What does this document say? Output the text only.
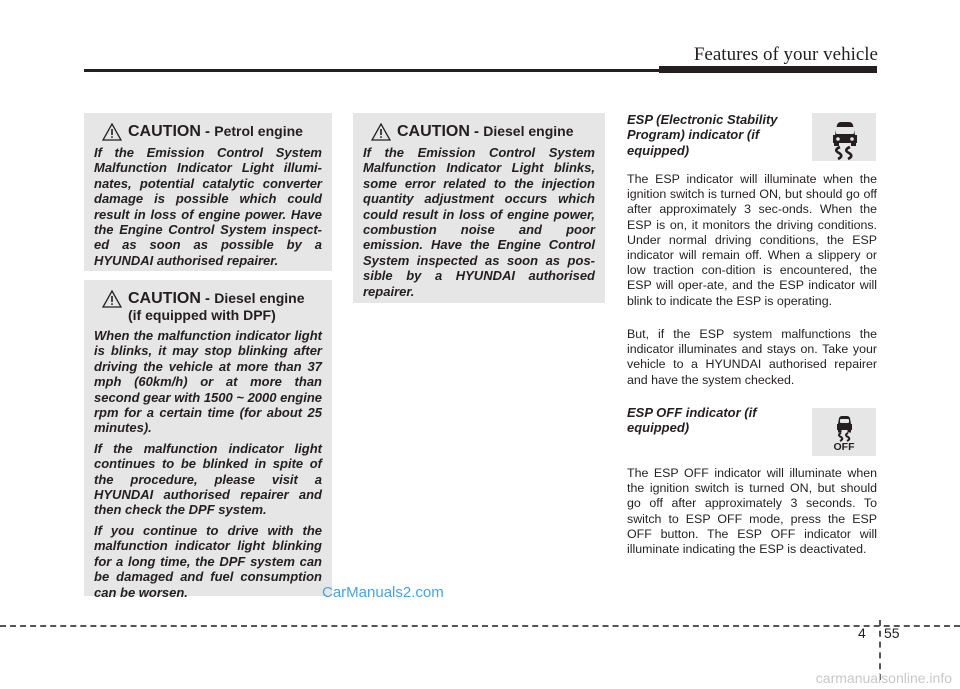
Features of your vehicle
CAUTION - Petrol engine

If the Emission Control System Malfunction Indicator Light illumi-nates, potential catalytic converter damage is possible which could result in loss of engine power. Have the Engine Control System inspect-ed as soon as possible by a HYUNDAI authorised repairer.

CAUTION - Diesel engine
(if equipped with DPF)

When the malfunction indicator light is blinks, it may stop blinking after driving the vehicle at more than 37 mph (60km/h) or at more than second gear with 1500 ~ 2000 engine rpm for a certain time (for about 25 minutes).

If the malfunction indicator light continues to be blinked in spite of the procedure, please visit a HYUNDAI authorised repairer and then check the DPF system.

If you continue to drive with the malfunction indicator light blinking for a long time, the DPF system can be damaged and fuel consumption can be worsen.

CAUTION - Diesel engine

If the Emission Control System Malfunction Indicator Light blinks, some error related to the injection quantity adjustment occurs which could result in loss of engine power, combustion noise and poor emission. Have the Engine Control System inspected as soon as pos-sible by a HYUNDAI authorised repairer.

ESP (Electronic Stability Program) indicator (if equipped)
The ESP indicator will illuminate when the ignition switch is turned ON, but should go off after approximately 3 sec-onds. When the ESP is on, it monitors the driving conditions. Under normal driving conditions, the ESP indicator will remain off. When a slippery or low traction con-dition is encountered, the ESP will oper-ate, and the ESP indicator will blink to indicate the ESP is operating.
But, if the ESP system malfunctions the indicator illuminates and stays on. Take your vehicle to a HYUNDAI authorised repairer and have the system checked.
ESP OFF indicator (if equipped)
OFF
The ESP OFF indicator will illuminate when the ignition switch is turned ON, but should go off after approximately 3 seconds. To switch to ESP OFF mode, press the ESP OFF button. The ESP OFF indicator will illuminate indicating the ESP is deactivated.
CarManuals2.com
4 55
carmanualsonline.info
